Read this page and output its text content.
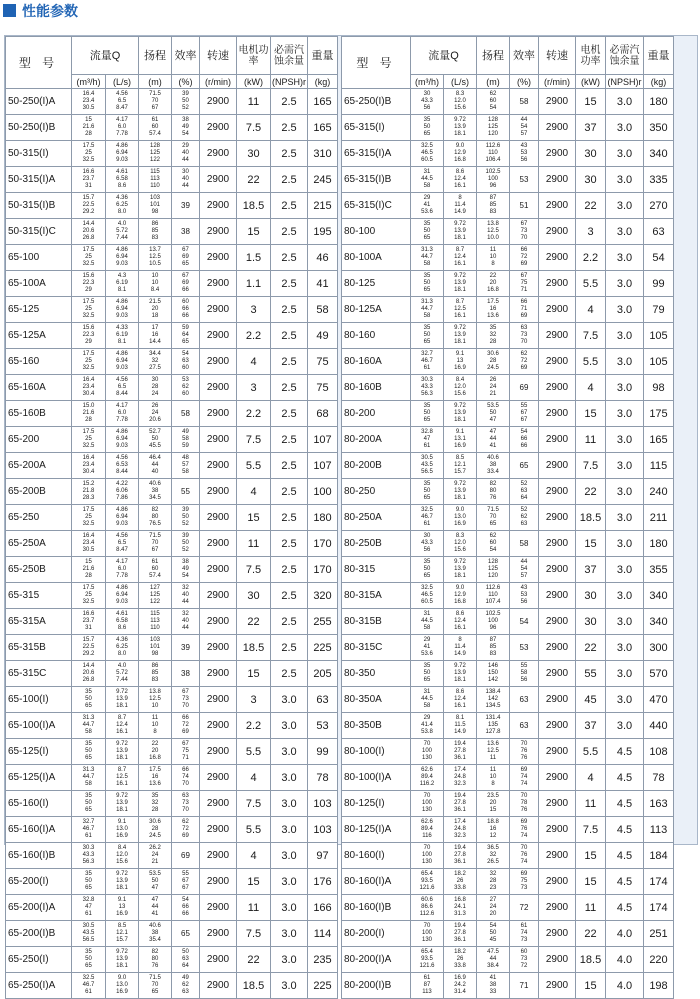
性能参数
型 号	流量Q		扬程	效率	转速	电机功率	必需汽蚀余量	重量
	(m³/h)	(L/s)	(m)	(%)	(r/min)	(kW)	(NPSH)r	(kg)
50-250(I)A	16.4
23.4
30.5	4.56
6.5
8.47	71.5
70
67	39
50
52	2900	11	2.5	165
50-250(I)B	15
21.6
28	4.17
6.0
7.78	61
60
57.4	38
49
54	2900	7.5	2.5	165
50-315(I)	17.5
25
32.5	4.86
6.94
9.03	128
125
122	29
40
44	2900	30	2.5	310
50-315(I)A	16.6
23.7
31	4.61
6.58
8.6	115
113
110	30
40
44	2900	22	2.5	245
50-315(I)B	15.7
22.5
29.2	4.36
6.25
8.0	103
101
98	39	2900	18.5	2.5	215
50-315(I)C	14.4
20.6
26.8	4.0
5.72
7.44	86
85
83	38	2900	15	2.5	195
65-100	17.5
25
32.5	4.86
6.94
9.03	13.7
12.5
10.5	67
69
65	2900	1.5	2.5	46
65-100A	15.6
22.3
29	4.3
6.19
8.1	10
10
8.4	67
69
66	2900	1.1	2.5	41
65-125	17.5
25
32.5	4.86
6.94
9.03	21.5
20
18	60
66
66	2900	3	2.5	58
65-125A	15.6
22.3
29	4.33
6.19
8.1	17
16
14.4	59
64
65	2900	2.2	2.5	49
65-160	17.5
25
32.5	4.86
6.94
9.03	34.4
32
27.5	54
63
60	2900	4	2.5	75
65-160A	16.4
23.4
30.4	4.56
6.5
8.44	30
28
24	53
62
60	2900	3	2.5	75
65-160B	15.0
21.6
28	4.17
6.0
7.78	26
24
20.6	58	2900	2.2	2.5	68
65-200	17.5
25
32.5	4.86
6.94
9.03	52.7
50
45.5	49
58
59	2900	7.5	2.5	107
65-200A	16.4
23.4
30.4	4.56
6.53
8.44	46.4
44
40	48
57
58	2900	5.5	2.5	107
65-200B	15.2
21.8
28.3	4.22
6.06
7.86	40.6
38
34.5	55	2900	4	2.5	100
65-250	17.5
25
32.5	4.86
6.94
9.03	82
80
76.5	39
50
52	2900	15	2.5	180
65-250A	16.4
23.4
30.5	4.56
6.5
8.47	71.5
70
67	39
50
52	2900	11	2.5	170
65-250B	15
21.6
28	4.17
6.0
7.78	61
60
57.4	38
49
54	2900	7.5	2.5	170
65-315	17.5
25
32.5	4.86
6.94
9.03	127
125
122	32
40
44	2900	30	2.5	320
65-315A	16.6
23.7
31	4.61
6.58
8.6	115
113
110	32
40
44	2900	22	2.5	255
65-315B	15.7
22.5
29.2	4.36
6.25
8.0	103
101
98	39	2900	18.5	2.5	225
65-315C	14.4
20.6
26.8	4.0
5.72
7.44	86
85
83	38	2900	15	2.5	205
65-100(I)	35
50
65	9.72
13.9
18.1	13.8
12.5
10	67
73
70	2900	3	3.0	63
65-100(I)A	31.3
44.7
58	8.7
12.4
16.1	11
10
8	66
72
69	2900	2.2	3.0	53
65-125(I)	35
50
65	9.72
13.9
18.1	22
20
16.8	67
75
71	2900	5.5	3.0	99
65-125(I)A	31.3
44.7
58	8.7
12.5
16.1	17.5
16
13.6	66
74
70	2900	4	3.0	78
65-160(I)	35
50
65	9.72
13.9
18.1	35
32
28	63
73
70	2900	7.5	3.0	103
65-160(I)A	32.7
46.7
61	9.1
13.0
16.9	30.6
28
24.5	62
72
69	2900	5.5	3.0	103
65-160(I)B	30.3
43.3
56.3	8.4
12.0
15.6	26.2
24
21	69	2900	4	3.0	97
65-200(I)	35
50
65	9.72
13.9
18.1	53.5
50
47	55
67
67	2900	15	3.0	176
65-200(I)A	32.8
47
61	9.1
13
16.9	47
44
41	54
66
66	2900	11	3.0	166
65-200(I)B	30.5
43.5
56.5	8.5
12.1
15.7	40.6
38
35.4	65	2900	7.5	3.0	114
65-250(I)	35
50
65	9.72
13.9
18.1	82
80
76	50
63
64	2900	22	3.0	235
65-250(I)A	32.5
46.7
61	9.0
13.0
16.9	71.5
70
65	49
62
63	2900	18.5	3.0	225
型 号	流量Q		扬程	效率	转速	电机功率	必需汽蚀余量	重量
	(m³/h)	(L/s)	(m)	(%)	(r/min)	(kW)	(NPSH)r	(kg)
65-250(I)B	30
43.3
56	8.3
12.0
15.6	62
60
54	58	2900	15	3.0	180
65-315(I)	35
50
65	9.72
13.9
18.1	128
125
120	44
54
57	2900	37	3.0	350
65-315(I)A	32.5
46.5
60.5	9.0
12.9
16.8	112.6
110
106.4	43
53
56	2900	30	3.0	340
65-315(I)B	31
44.5
58	8.6
12.4
16.1	102.5
100
96	53	2900	30	3.0	335
65-315(I)C	29
41
53.6	8
11.4
14.9	87
85
83	51	2900	22	3.0	270
80-100	35
50
65	9.72
13.9
18.1	13.8
12.5
10.0	67
73
70	2900	3	3.0	63
80-100A	31.3
44.7
58	8.7
12.4
16.1	11
10
8	66
72
69	2900	2.2	3.0	54
80-125	35
50
65	9.72
13.9
18.1	22
20
16.8	67
75
71	2900	5.5	3.0	99
80-125A	31.3
44.7
58	8.7
12.5
16.1	17.5
16
13.6	66
71
69	2900	4	3.0	79
80-160	35
50
65	9.72
13.9
18.1	35
32
28	63
73
70	2900	7.5	3.0	105
80-160A	32.7
46.7
61	9.1
13
16.9	30.6
28
24.5	62
72
69	2900	5.5	3.0	105
80-160B	30.3
43.3
56.3	8.4
12.0
15.6	26
24
21	69	2900	4	3.0	98
80-200	35
50
65	9.72
13.9
18.1	53.5
50
47	55
67
67	2900	15	3.0	175
80-200A	32.8
47
61	9.1
13.1
16.9	47
44
41	54
66
66	2900	11	3.0	165
80-200B	30.5
43.5
56.5	8.5
12.1
15.7	40.6
38
33.4	65	2900	7.5	3.0	115
80-250	35
50
65	9.72
13.9
18.1	82
80
76	52
63
64	2900	22	3.0	240
80-250A	32.5
46.7
61	9.0
13.0
16.9	71.5
70
65	52
62
63	2900	18.5	3.0	211
80-250B	30
43.3
56	8.3
12.0
15.6	62
60
54	58	2900	15	3.0	180
80-315	35
50
65	9.72
13.9
18.1	128
125
120	44
54
57	2900	37	3.0	355
80-315A	32.5
46.5
60.5	9.0
12.9
16.8	112.6
110
107.4	43
53
56	2900	30	3.0	340
80-315B	31
44.5
58	8.6
12.4
16.1	102.5
100
96	54	2900	30	3.0	340
80-315C	29
41
53.6	8
11.4
14.9	87
85
83	53	2900	22	3.0	300
80-350	35
50
65	9.72
13.9
18.1	146
150
142	55
58
56	2900	55	3.0	570
80-350A	31
44.5
58	8.6
12.4
16.1	138.4
142
134.5	63	2900	45	3.0	470
80-350B	29
41.4
53.8	8.1
11.5
14.9	131.4
135
127.8	63	2900	37	3.0	440
80-100(I)	70
100
130	19.4
27.8
36.1	13.6
12.5
11	70
76
76	2900	5.5	4.5	108
80-100(I)A	62.6
89.4
116.2	17.4
24.8
32.3	11
10
8	69
74
74	2900	4	4.5	78
80-125(I)	70
100
130	19.4
27.8
36.1	23.5
20
15	70
78
76	2900	11	4.5	163
80-125(I)A	62.6
89.4
116	17.4
24.8
32.3	18.8
16
12	69
76
74	2900	7.5	4.5	113
80-160(I)	70
100
130	19.4
27.8
36.1	36.5
32
26.5	70
76
74	2900	15	4.5	184
80-160(I)A	65.4
93.5
121.6	18.2
26
33.8	32
28
23	69
75
73	2900	15	4.5	174
80-160(I)B	60.6
86.6
112.6	16.8
24.1
31.3	27
24
20	72	2900	11	4.5	174
80-200(I)	70
100
130	19.4
27.8
36.1	54
50
45	61
74
73	2900	22	4.0	251
80-200(I)A	65.4
93.5
121.6	18.2
26
33.8	47.5
44
38.4	60
73
72	2900	18.5	4.0	220
80-200(I)B	61
87
113	16.9
24.2
31.4	41
38
33	71	2900	15	4.0	198
